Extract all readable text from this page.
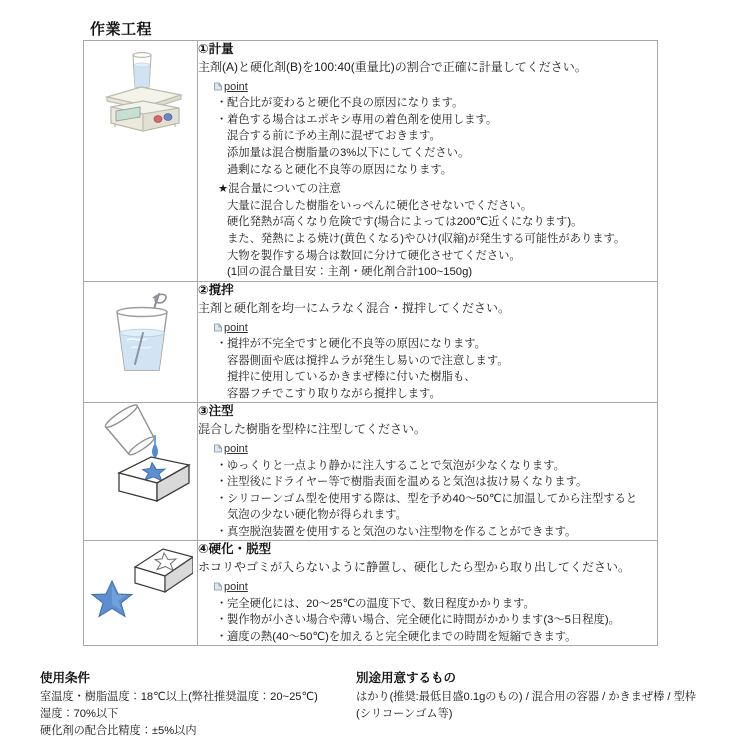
作業工程

①計量
主剤(A)と硬化剤(B)を100:40(重量比)の割合で正確に計量してください。
point
・ 配合比が変わると硬化不良の原因になります。
・ 着色する場合はエポキシ専用の着色剤を使用します。
混合する前に予め主剤に混ぜておきます。
添加量は混合樹脂量の3%以下にしてください。
過剰になると硬化不良等の原因になります。
★混合量についての注意
大量に混合した樹脂をいっぺんに硬化させないでください。
硬化発熱が高くなり危険です(場合によっては200℃近くになります)。
また、発熱による焼け(黄色くなる)やひけ(収縮)が発生する可能性があります。
大物を製作する場合は数回に分けて硬化させてください。
(1回の混合量目安：主剤・硬化剤合計100~150g)

②撹拌
主剤と硬化剤を均一にムラなく混合・撹拌してください。
point
・ 撹拌が不完全ですと硬化不良等の原因になります。
容器側面や底は撹拌ムラが発生し易いので注意します。
撹拌に使用しているかきまぜ棒に付いた樹脂も、
容器フチでこすり取りながら撹拌します。

③注型
混合した樹脂を型枠に注型してください。
point
・ ゆっくりと一点より静かに注入することで気泡が少なくなります。
・ 注型後にドライヤー等で樹脂表面を温めると気泡は抜け易くなります。
・ シリコーンゴム型を使用する際は、型を予め40〜50℃に加温してから注型すると
気泡の少ない硬化物が得られます。
・ 真空脱泡装置を使用すると気泡のない注型物を作ることができます。

④硬化・脱型
ホコリやゴミが入らないように静置し、硬化したら型から取り出してください。
point
・ 完全硬化には、20〜25℃の温度下で、数日程度かかります。
・ 製作物が小さい場合や薄い場合、完全硬化に時間がかかります(3〜5日程度)。
・ 適度の熱(40〜50℃)を加えると完全硬化までの時間を短縮できます。
使用条件
室温度・樹脂温度：18℃以上(弊社推奨温度：20~25℃)
湿度：70%以下
硬化剤の配合比精度：±5%以内
別途用意するもの
はかり(推奨:最低目盛0.1gのもの) / 混合用の容器 / かきまぜ棒 / 型枠(シリコーンゴム等)
